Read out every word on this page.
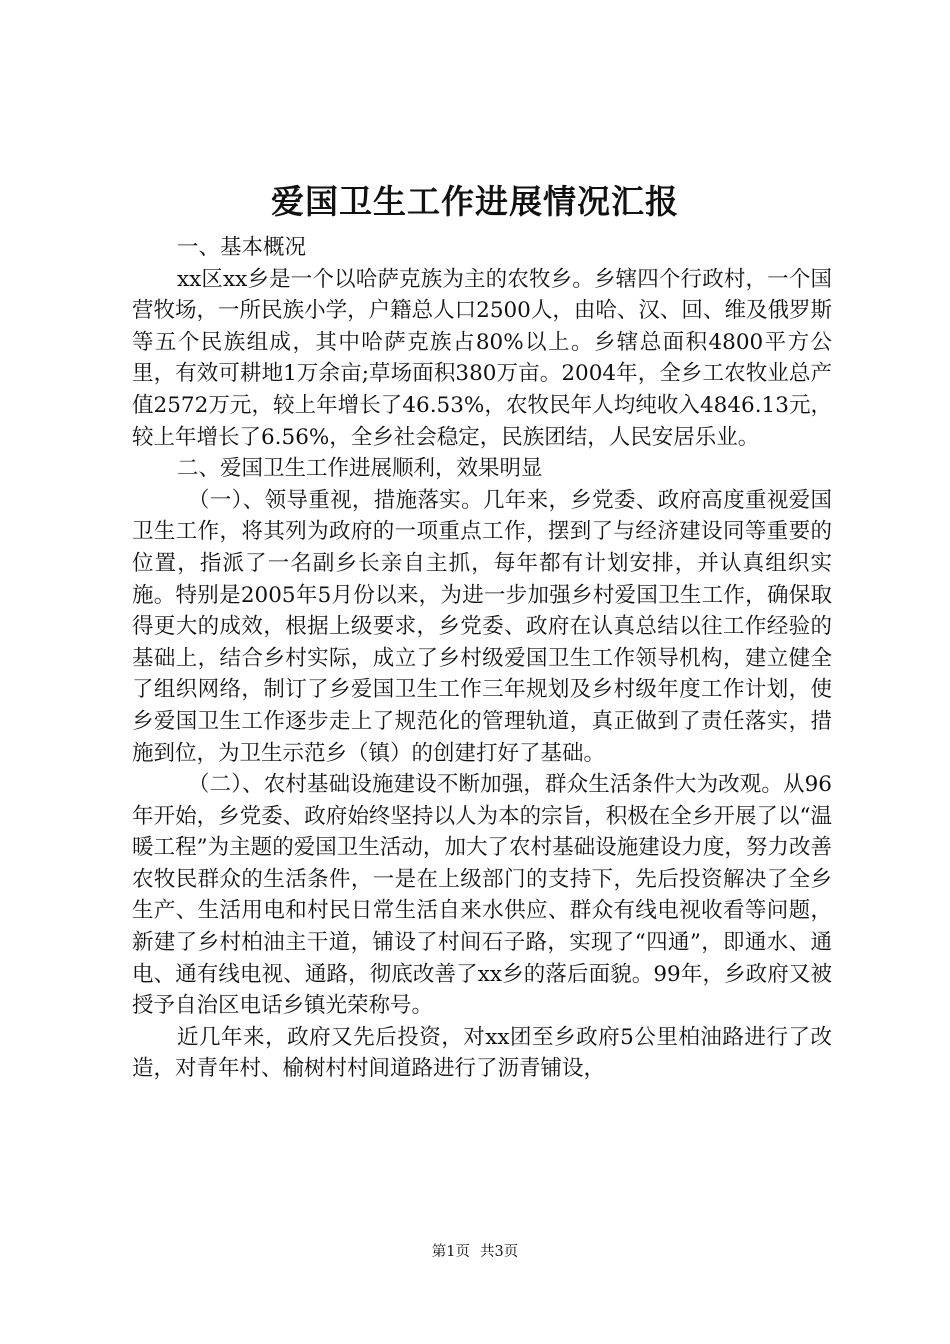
爱国卫生工作进展情况汇报
一、基本概况

xx区xx乡是一个以哈萨克族为主的农牧乡。乡辖四个行政村，一个国营牧场，一所民族小学，户籍总人口2500人，由哈、汉、回、维及俄罗斯等五个民族组成，其中哈萨克族占80%以上。乡辖总面积4800平方公里，有效可耕地1万余亩;草场面积380万亩。2004年，全乡工农牧业总产值2572万元，较上年增长了46.53%，农牧民年人均纯收入4846.13元，较上年增长了6.56%，全乡社会稳定，民族团结，人民安居乐业。

二、爱国卫生工作进展顺利，效果明显

（一）、领导重视，措施落实。几年来，乡党委、政府高度重视爱国卫生工作，将其列为政府的一项重点工作，摆到了与经济建设同等重要的位置，指派了一名副乡长亲自主抓，每年都有计划安排，并认真组织实施。特别是2005年5月份以来，为进一步加强乡村爱国卫生工作，确保取得更大的成效，根据上级要求，乡党委、政府在认真总结以往工作经验的基础上，结合乡村实际，成立了乡村级爱国卫生工作领导机构，建立健全了组织网络，制订了乡爱国卫生工作三年规划及乡村级年度工作计划，使乡爱国卫生工作逐步走上了规范化的管理轨道，真正做到了责任落实，措施到位，为卫生示范乡（镇）的创建打好了基础。

（二）、农村基础设施建设不断加强，群众生活条件大为改观。从96年开始，乡党委、政府始终坚持以人为本的宗旨，积极在全乡开展了以“温暖工程”为主题的爱国卫生活动，加大了农村基础设施建设力度，努力改善农牧民群众的生活条件，一是在上级部门的支持下，先后投资解决了全乡生产、生活用电和村民日常生活自来水供应、群众有线电视收看等问题，新建了乡村柏油主干道，铺设了村间石子路，实现了“四通”，即通水、通电、通有线电视、通路，彻底改善了xx乡的落后面貌。99年，乡政府又被授予自治区电话乡镇光荣称号。

近几年来，政府又先后投资，对xx团至乡政府5公里柏油路进行了改造，对青年村、榆树村村间道路进行了沥青铺设，

第1页 共3页
